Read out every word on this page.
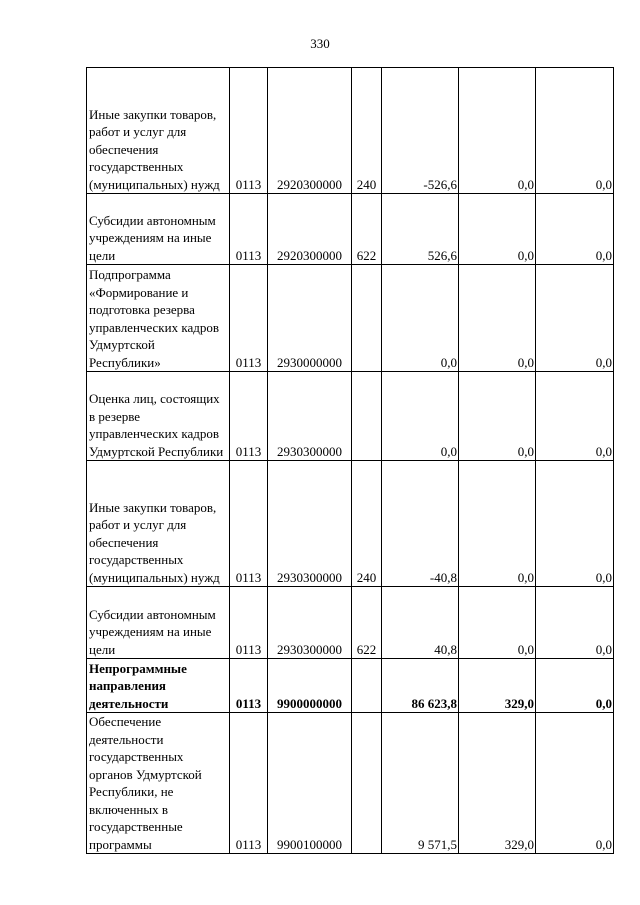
330
Иные закупки товаров, работ и услуг для обеспечения государственных (муниципальных) нужд	0113	2920300000	240	-526,6	0,0	0,0

Субсидии автономным учреждениям на иные цели	0113	2920300000	622	526,6	0,0	0,0

Подпрограмма «Формирование и подготовка резерва управленческих кадров Удмуртской Республики»	0113	2930000000		0,0	0,0	0,0

Оценка лиц, состоящих в резерве управленческих кадров Удмуртской Республики	0113	2930300000		0,0	0,0	0,0

Иные закупки товаров, работ и услуг для обеспечения государственных (муниципальных) нужд	0113	2930300000	240	-40,8	0,0	0,0

Субсидии автономным учреждениям на иные цели	0113	2930300000	622	40,8	0,0	0,0

Непрограммные направления деятельности	0113	9900000000		86 623,8	329,0	0,0

Обеспечение деятельности государственных органов Удмуртской Республики, не включенных в государственные программы	0113	9900100000		9 571,5	329,0	0,0
